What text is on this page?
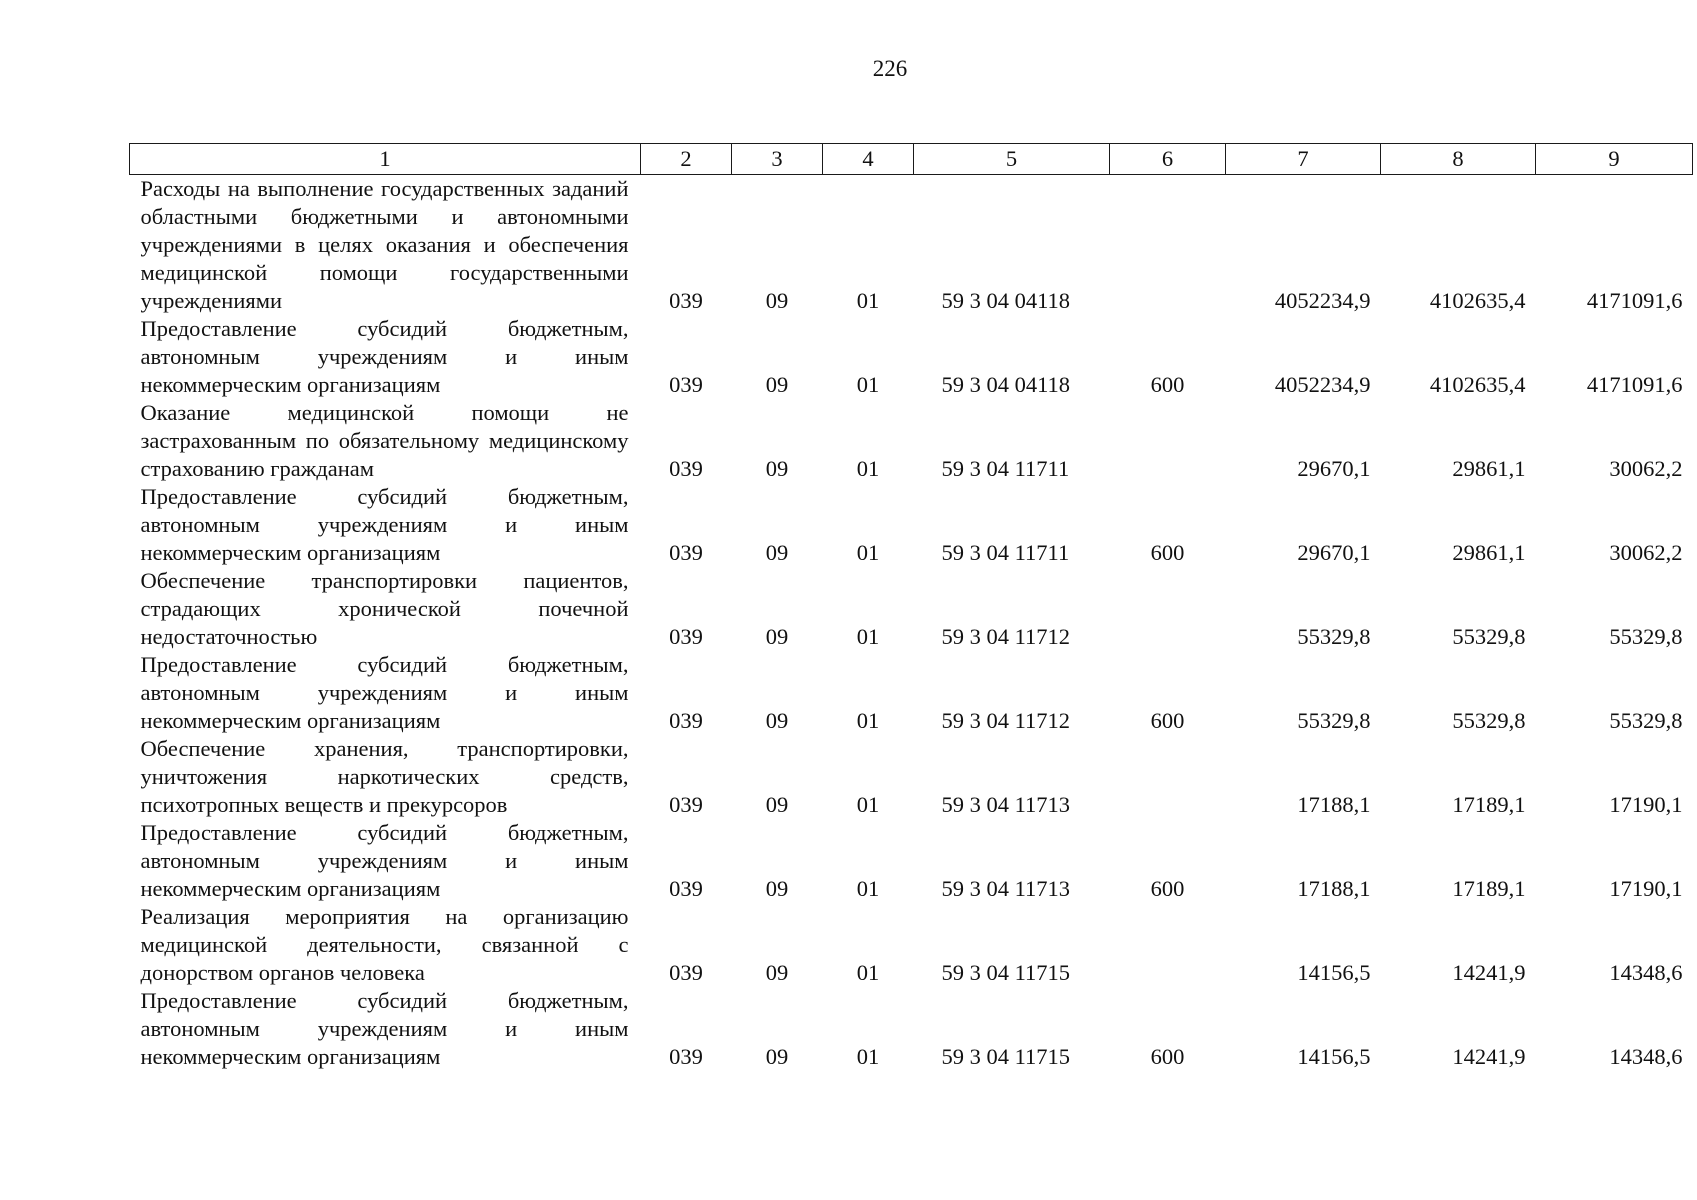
226
1	2	3	4	5	6	7	8	9
Расходы на выполнение государственных заданий областными бюджетными и автономными учреждениями в целях оказания и обеспечения медицинской помощи государственными учреждениями	039	09	01	59 3 04 04118		4052234,9	4102635,4	4171091,6
Предоставление субсидий бюджетным, автономным учреждениям и иным некоммерческим организациям	039	09	01	59 3 04 04118	600	4052234,9	4102635,4	4171091,6
Оказание медицинской помощи не застрахованным по обязательному медицинскому страхованию гражданам	039	09	01	59 3 04 11711		29670,1	29861,1	30062,2
Предоставление субсидий бюджетным, автономным учреждениям и иным некоммерческим организациям	039	09	01	59 3 04 11711	600	29670,1	29861,1	30062,2
Обеспечение транспортировки пациентов, страдающих хронической почечной недостаточностью	039	09	01	59 3 04 11712		55329,8	55329,8	55329,8
Предоставление субсидий бюджетным, автономным учреждениям и иным некоммерческим организациям	039	09	01	59 3 04 11712	600	55329,8	55329,8	55329,8
Обеспечение хранения, транспортировки, уничтожения наркотических средств, психотропных веществ и прекурсоров	039	09	01	59 3 04 11713		17188,1	17189,1	17190,1
Предоставление субсидий бюджетным, автономным учреждениям и иным некоммерческим организациям	039	09	01	59 3 04 11713	600	17188,1	17189,1	17190,1
Реализация мероприятия на организацию медицинской деятельности, связанной с донорством органов человека	039	09	01	59 3 04 11715		14156,5	14241,9	14348,6
Предоставление субсидий бюджетным, автономным учреждениям и иным некоммерческим организациям	039	09	01	59 3 04 11715	600	14156,5	14241,9	14348,6
